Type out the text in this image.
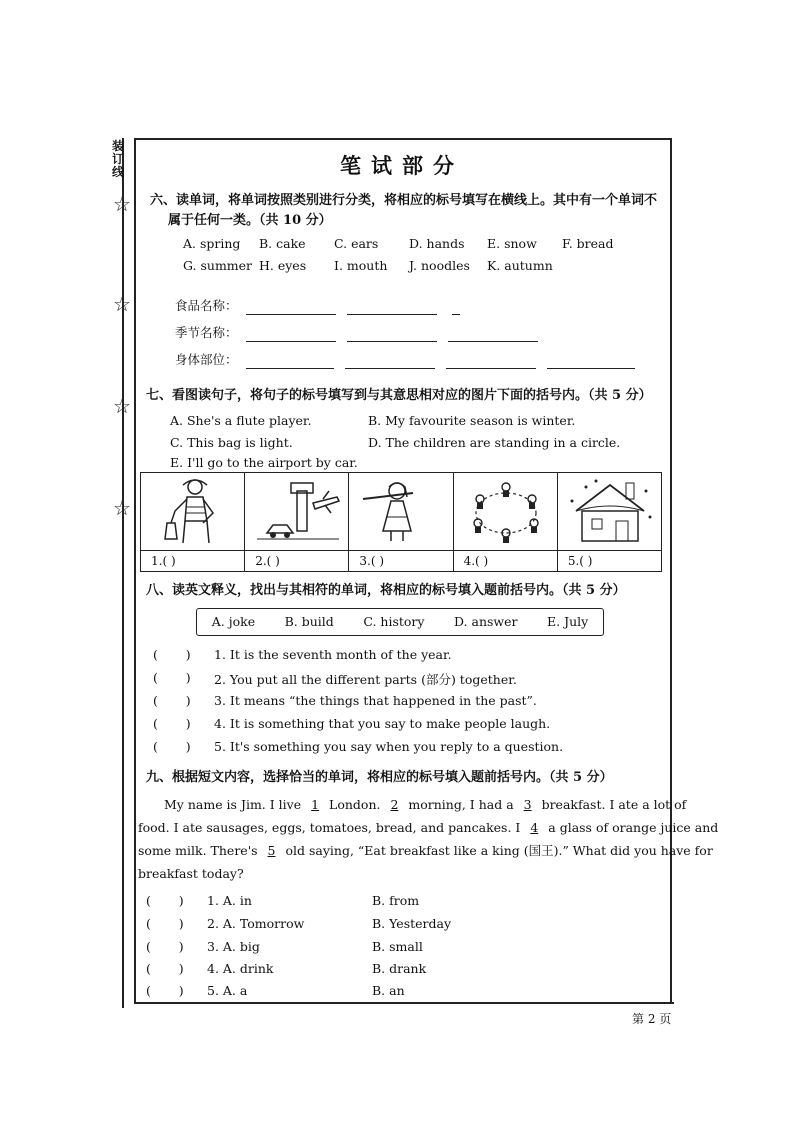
装订线
☆
☆
☆
☆
笔试部分
六、读单词，将单词按照类别进行分类，将相应的标号填写在横线上。其中有一个单词不
属于任何一类。（共 10 分）
A. spring B. cake C. ears D. hands E. snow F. bread
G. summer H. eyes I. mouth J. noodles K. autumn
食品名称：

季节名称：

身体部位：

七、看图读句子，将句子的标号填写到与其意思相对应的图片下面的括号内。（共 5 分）
A. She's a flute player.	B. My favourite season is winter.
C. This bag is light.	D. The children are standing in a circle.
E. I'll go to the airport by car.
1.( )	2.( )	3.( )	4.( )	5.( )
八、读英文释义，找出与其相符的单词，将相应的标号填入题前括号内。（共 5 分）
A. joke B. build C. history D. answer E. July
(       ) 1. It is the seventh month of the year.
(       ) 2. You put all the different parts (部分) together.
(       ) 3. It means “the things that happened in the past”.
(       ) 4. It is something that you say to make people laugh.
(       ) 5. It's something you say when you reply to a question.
九、根据短文内容，选择恰当的单词，将相应的标号填入题前括号内。（共 5 分）
My name is Jim. I live 1 London. 2 morning, I had a 3 breakfast. I ate a lot of
food. I ate sausages, eggs, tomatoes, bread, and pancakes. I 4 a glass of orange juice and
some milk. There's 5 old saying, “Eat breakfast like a king (国王).” What did you have for
breakfast today?
(       ) 1. A. in	B. from
(       ) 2. A. Tomorrow	B. Yesterday
(       ) 3. A. big	B. small
(       ) 4. A. drink	B. drank
(       ) 5. A. a	B. an
第 2 页
